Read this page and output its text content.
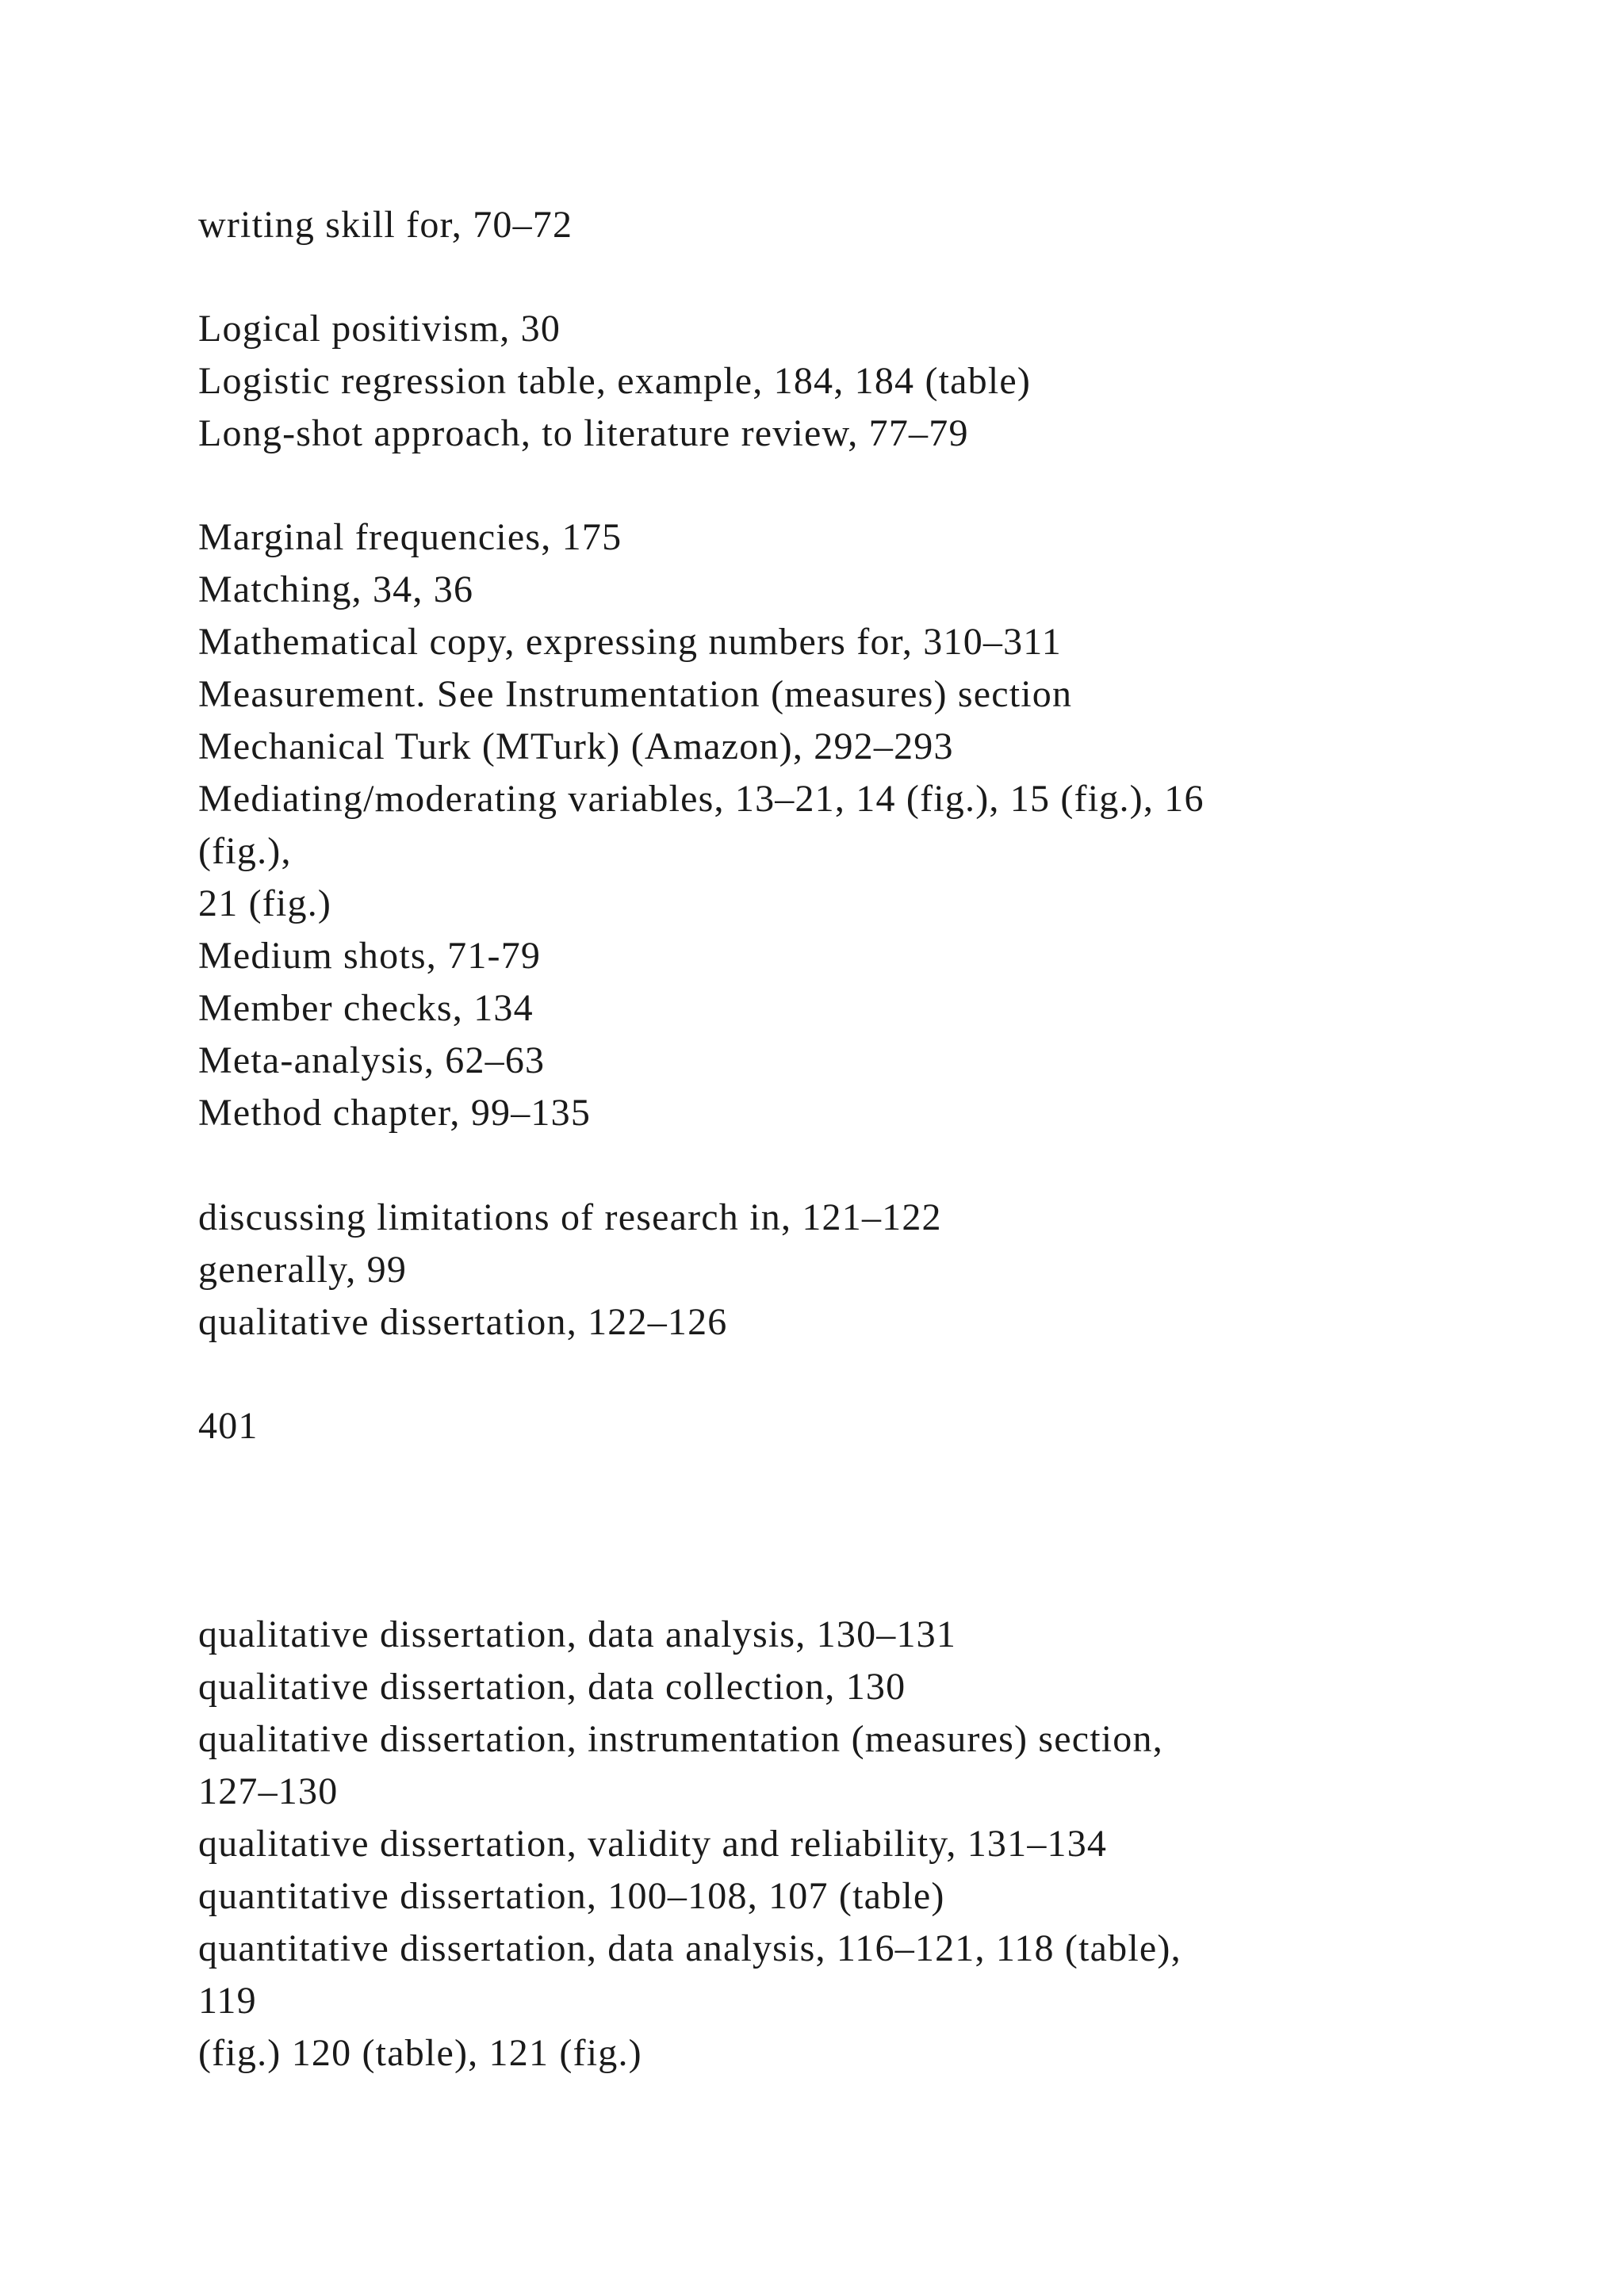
writing skill for, 70–72

Logical positivism, 30

Logistic regression table, example, 184, 184 (table)

Long-shot approach, to literature review, 77–79

Marginal frequencies, 175

Matching, 34, 36

Mathematical copy, expressing numbers for, 310–311

Measurement. See Instrumentation (measures) section

Mechanical Turk (MTurk) (Amazon), 292–293

Mediating/moderating variables, 13–21, 14 (fig.), 15 (fig.), 16

(fig.),

21 (fig.)

Medium shots, 71-79

Member checks, 134

Meta-analysis, 62–63

Method chapter, 99–135

discussing limitations of research in, 121–122

generally, 99

qualitative dissertation, 122–126

401

qualitative dissertation, data analysis, 130–131

qualitative dissertation, data collection, 130

qualitative dissertation, instrumentation (measures) section,

127–130

qualitative dissertation, validity and reliability, 131–134

quantitative dissertation, 100–108, 107 (table)

quantitative dissertation, data analysis, 116–121, 118 (table),

119

(fig.) 120 (table), 121 (fig.)
